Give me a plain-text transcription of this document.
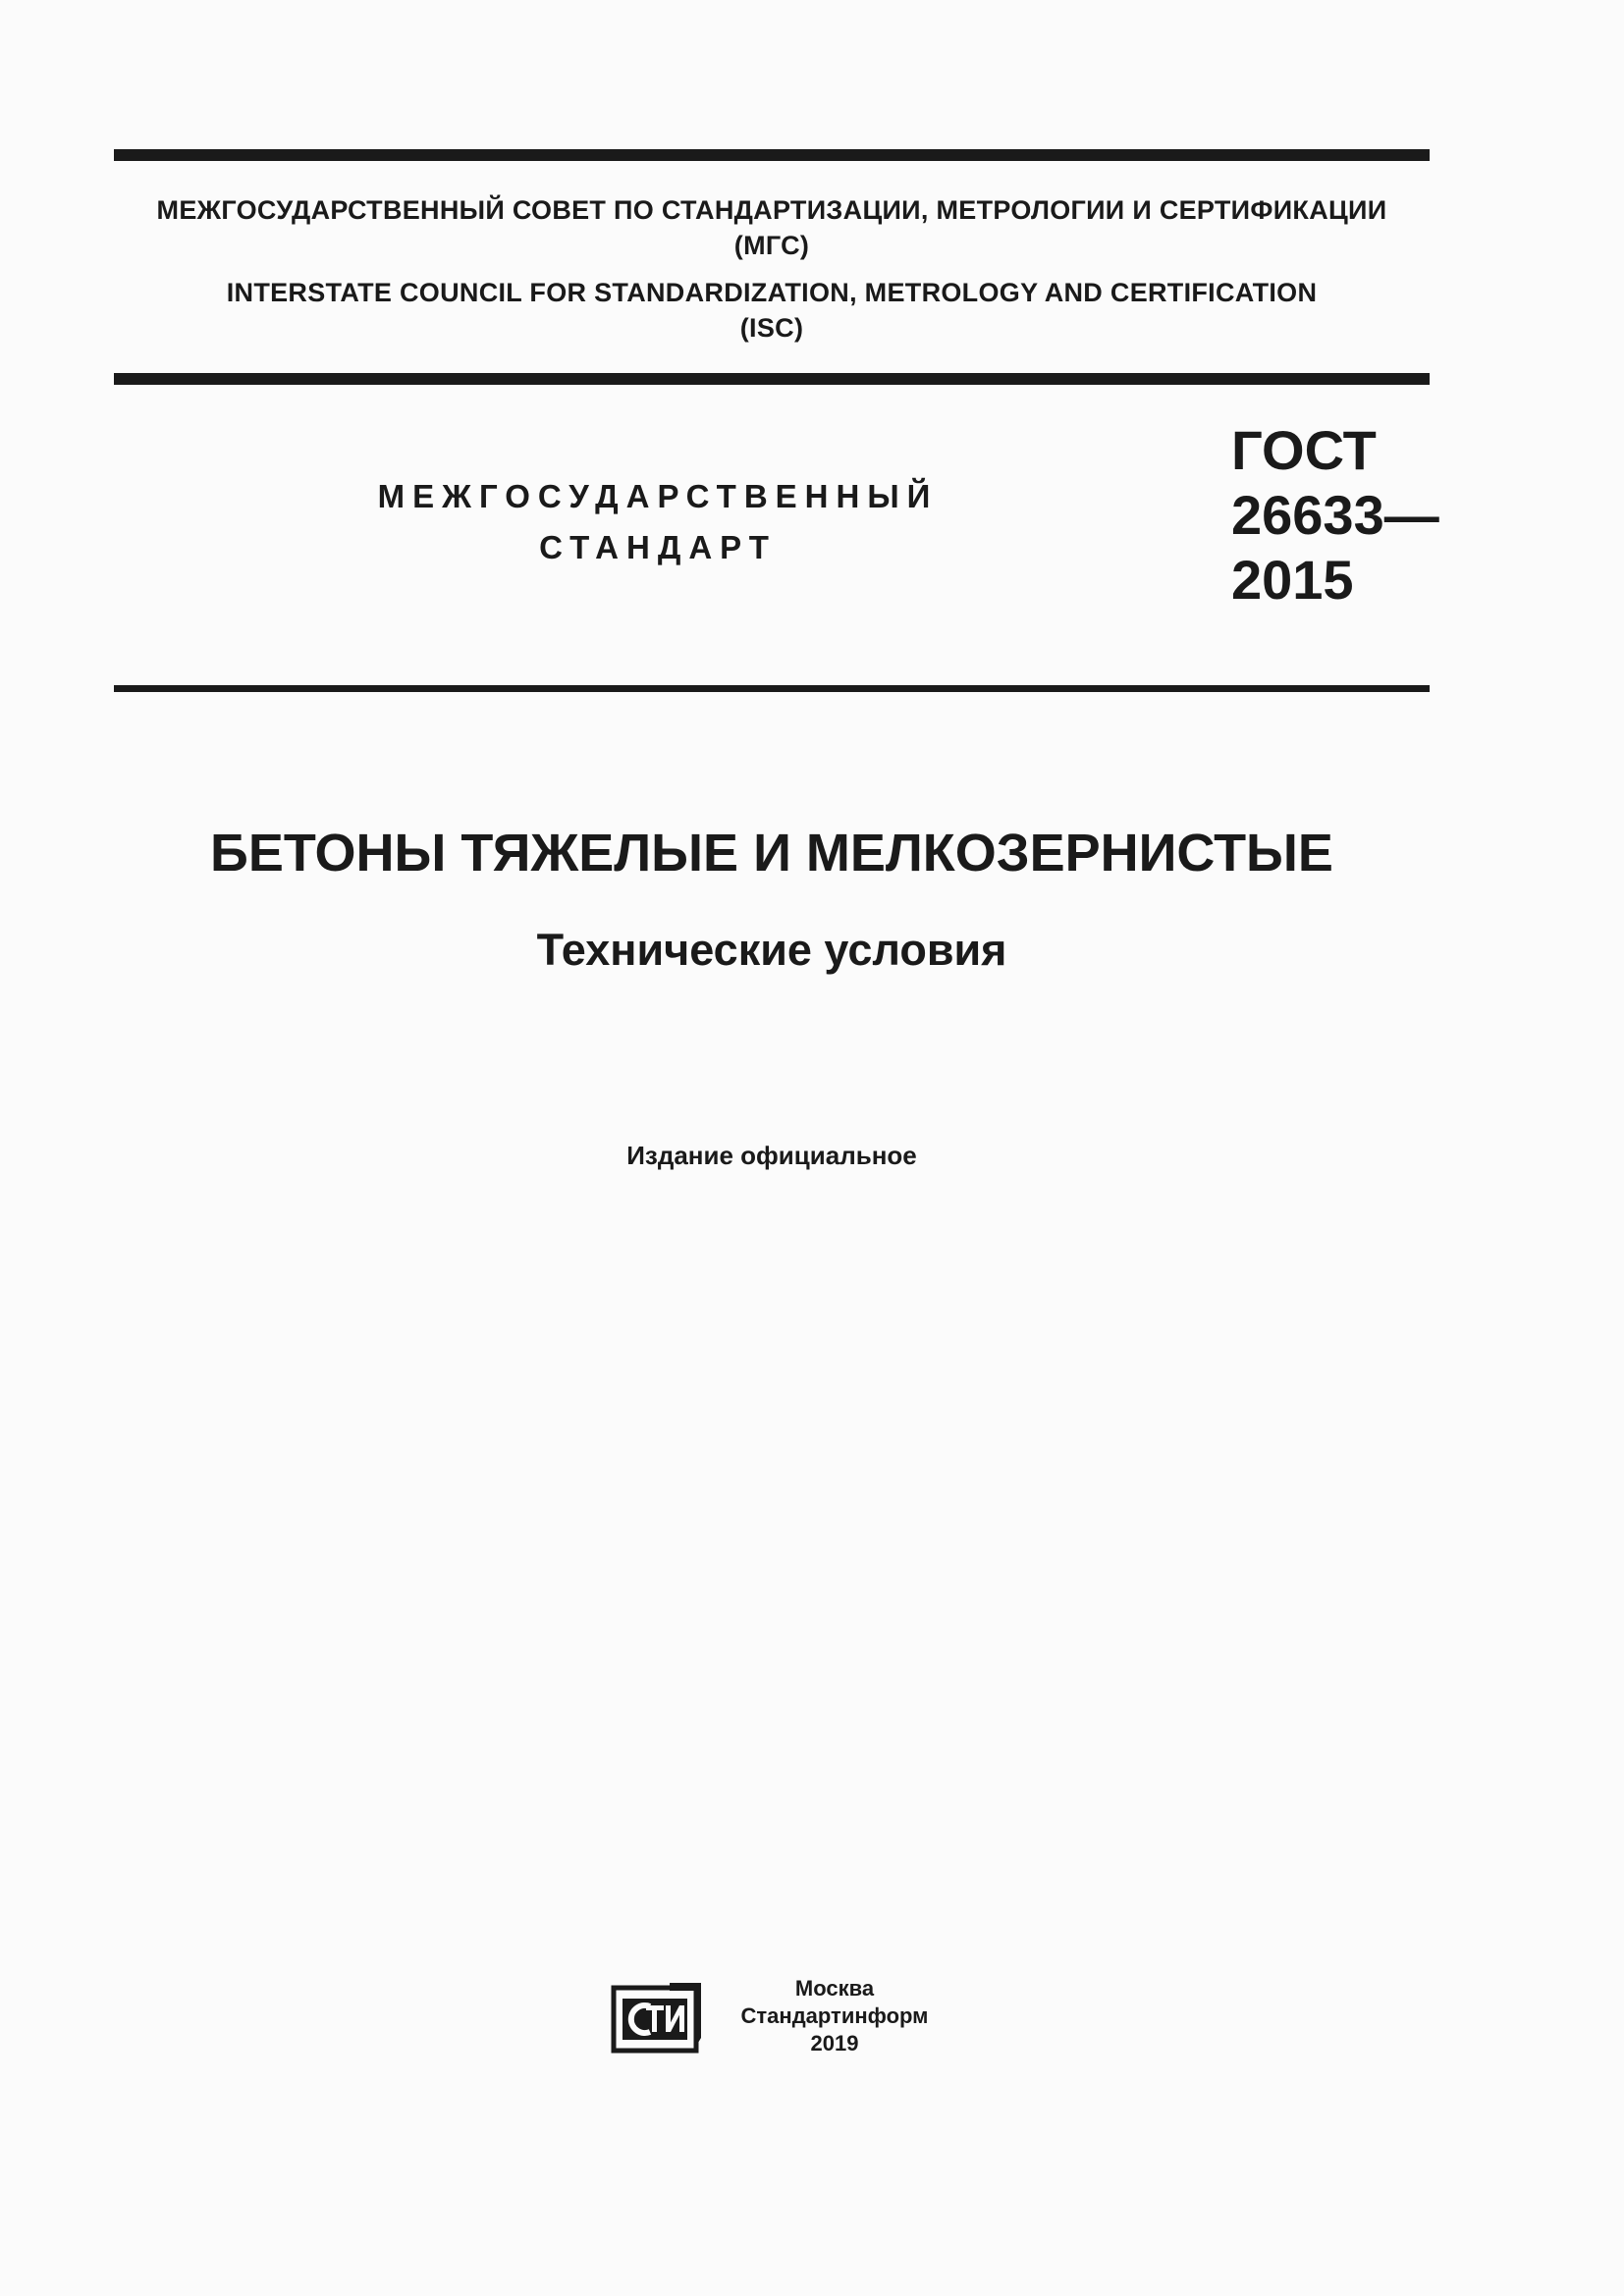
МЕЖГОСУДАРСТВЕННЫЙ СОВЕТ ПО СТАНДАРТИЗАЦИИ, МЕТРОЛОГИИ И СЕРТИФИКАЦИИ
(МГС)
INTERSTATE COUNCIL FOR STANDARDIZATION, METROLOGY AND CERTIFICATION
(ISC)
МЕЖГОСУДАРСТВЕННЫЙ
СТАНДАРТ
ГОСТ
26633—
2015
БЕТОНЫ ТЯЖЕЛЫЕ И МЕЛКОЗЕРНИСТЫЕ
Технические условия
Издание официальное
Москва
Стандартинформ
2019
